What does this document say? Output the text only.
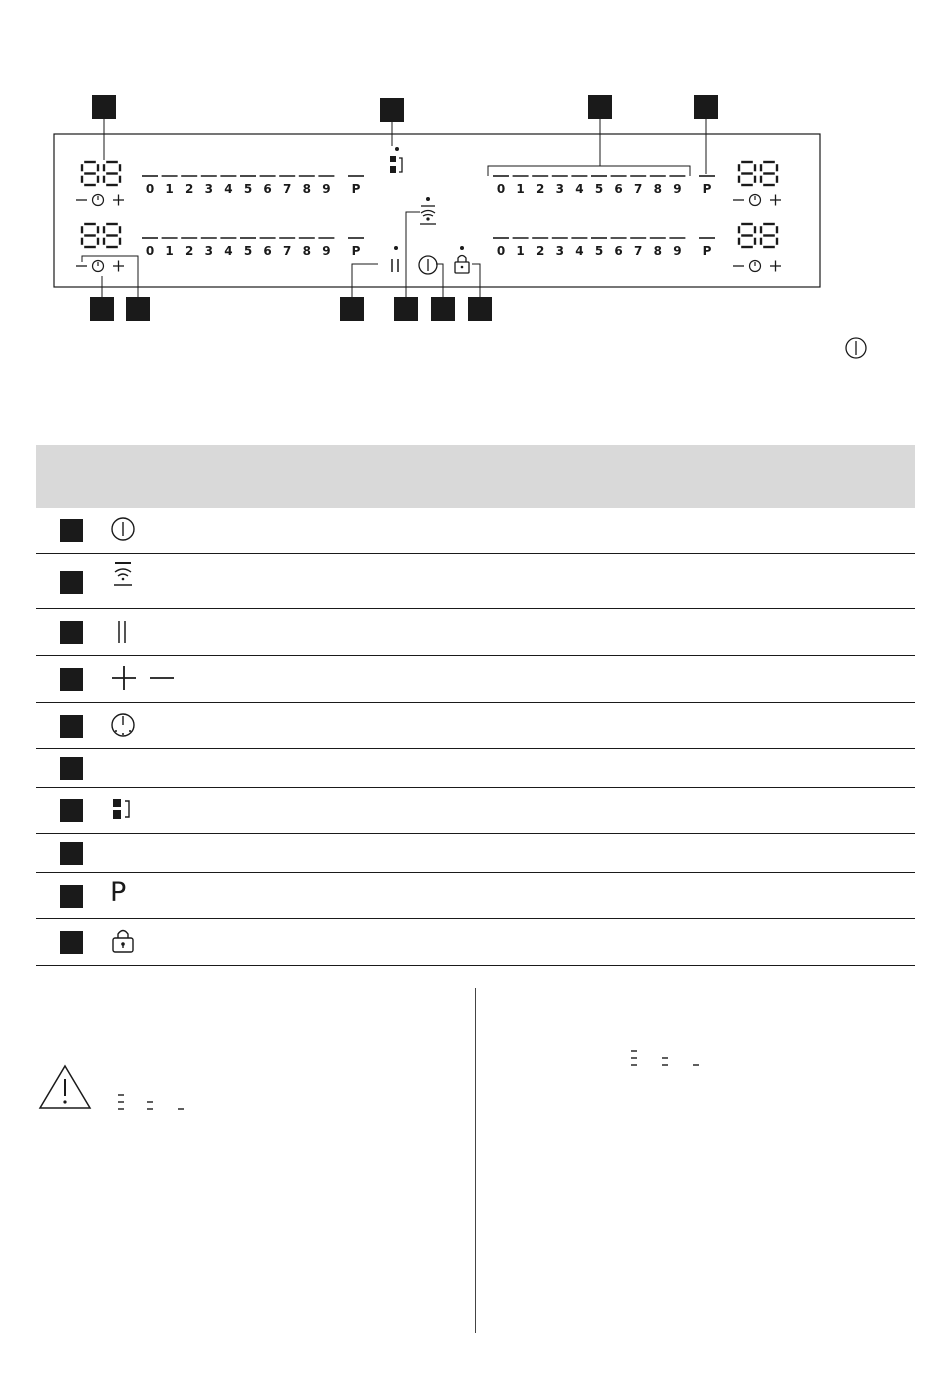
0 1 2 3 4 5 6 7 8 9 P
0 1 2 3 4 5 6 7 8 9 P
0 1 2 3 4 5 6 7 8 9 P
0 1 2 3 4 5 6 7 8 9 P
P
